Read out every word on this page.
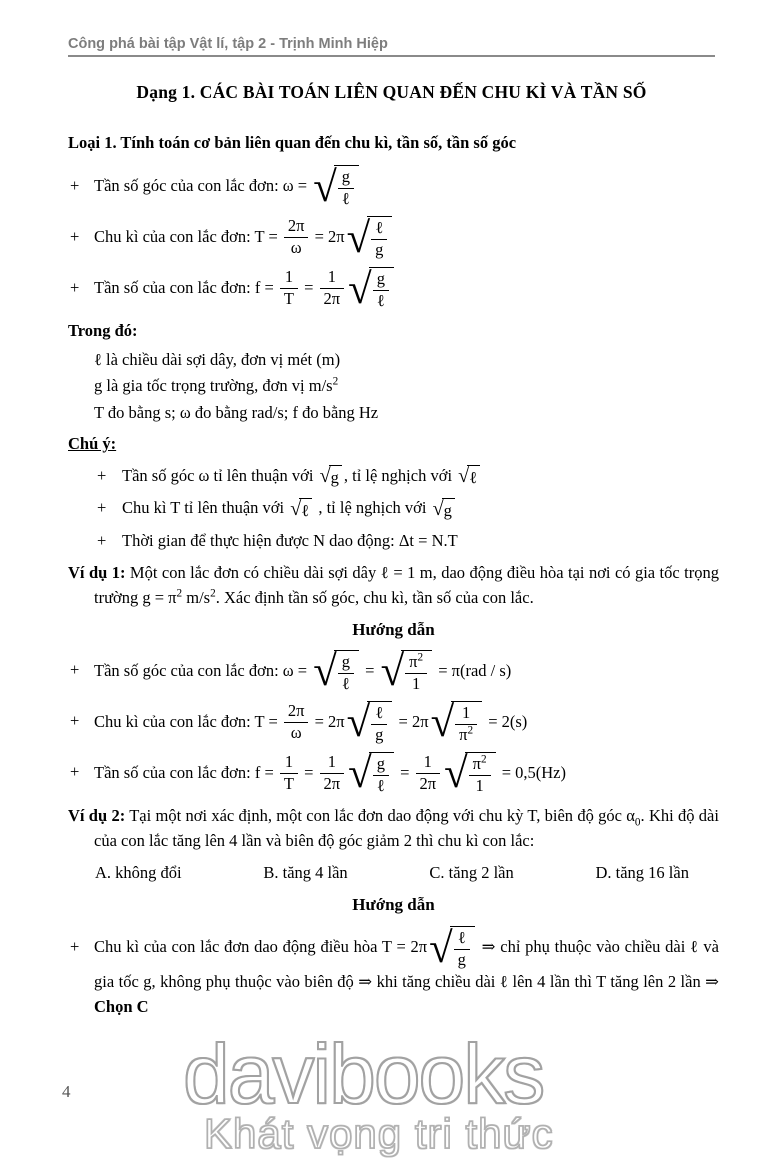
Công phá bài tập Vật lí, tập 2 - Trịnh Minh Hiệp
Dạng 1. CÁC BÀI TOÁN LIÊN QUAN ĐẾN CHU KÌ VÀ TẦN SỐ
Loại 1. Tính toán cơ bản liên quan đến chu kì, tần số, tần số góc
+ Tần số góc của con lắc đơn: ω = √ $\frac{g}{\text{ℓ}}$
+ Chu kì của con lắc đơn: $T = \frac{2\pi}{\omega} = 2\pi$ √ $\frac{\text{ℓ}}{g}$
+ Tần số của con lắc đơn: $f = \frac{1}{T} = \frac{1}{2\pi}$ √ $\frac{g}{\text{ℓ}}$
Trong đó:
ℓ là chiều dài sợi dây, đơn vị mét (m)
g là gia tốc trọng trường, đơn vị $m/s^2$
T đo bằng s; ω đo bằng rad/s; f đo bằng Hz
Chú ý:
+ Tần số góc ω tỉ lên thuận với √ g , tỉ lệ nghịch với √ ℓ
+ Chu kì T tỉ lên thuận với √ ℓ , tỉ lệ nghịch với √ g
+ Thời gian để thực hiện được N dao động: Δt = N.T
Ví dụ 1: Một con lắc đơn có chiều dài sợi dây ℓ = 1 m, dao động điều hòa tại nơi có gia tốc trọng trường $g = \pi^2$ $m/s^2$. Xác định tần số góc, chu kì, tần số của con lắc.
Hướng dẫn
+ Tần số góc của con lắc đơn: ω = √ $\frac{g}{\text{ℓ}}$ = √ $\frac{\pi^2}{1} = \pi(rad / s)$
+ Chu kì của con lắc đơn: $T = \frac{2\pi}{\omega} = 2\pi$ √ $\frac{\text{ℓ}}{g} = 2\pi$ √ $\frac{1}{\pi^2} = 2(s)$
+ Tần số của con lắc đơn: $f = \frac{1}{T} = \frac{1}{2\pi}$ √ $\frac{g}{\text{ℓ}} = \frac{1}{2\pi}$ √ $\frac{\pi^2}{1} = 0,5(Hz)$
Ví dụ 2: Tại một nơi xác định, một con lắc đơn dao động với chu kỳ T, biên độ góc $\alpha_0$. Khi độ dài của con lắc tăng lên 4 lần và biên độ góc giảm 2 thì chu kì con lắc:
A. không đổi	B. tăng 4 lần	C. tăng 2 lần	D. tăng 16 lần
Hướng dẫn
+ Chu kì của con lắc đơn dao động điều hòa T = 2π √ $\frac{\text{ℓ}}{g}$ ⇒ chỉ phụ thuộc vào chiều dài ℓ và gia tốc g, không phụ thuộc vào biên độ ⇒ khi tăng chiều dài ℓ lên 4 lần thì T tăng lên 2 lần ⇒ Chọn C
4 davibooks
Khát vọng tri thức
